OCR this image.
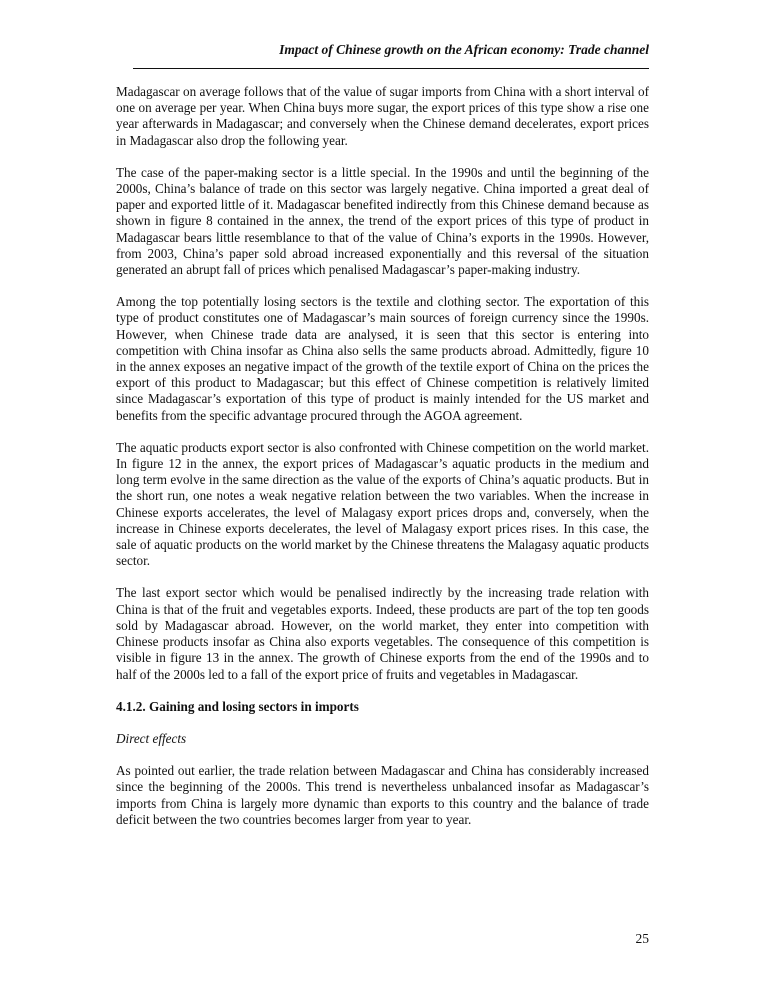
Impact of Chinese growth on the African economy: Trade channel

Madagascar on average follows that of the value of sugar imports from China with a short interval of one on average per year. When China buys more sugar, the export prices of this type show a rise one year afterwards in Madagascar; and conversely when the Chinese demand decelerates, export prices in Madagascar also drop the following year.

The case of the paper-making sector is a little special. In the 1990s and until the beginning of the 2000s, China’s balance of trade on this sector was largely negative. China imported a great deal of paper and exported little of it. Madagascar benefited indirectly from this Chinese demand because as shown in figure 8 contained in the annex, the trend of the export prices of this type of product in Madagascar bears little resemblance to that of the value of China’s exports in the 1990s. However, from 2003, China’s paper sold abroad increased exponentially and this reversal of the situation generated an abrupt fall of prices which penalised Madagascar’s paper-making industry.

Among the top potentially losing sectors is the textile and clothing sector. The exportation of this type of product constitutes one of Madagascar’s main sources of foreign currency since the 1990s. However, when Chinese trade data are analysed, it is seen that this sector is entering into competition with China insofar as China also sells the same products abroad. Admittedly, figure 10 in the annex exposes an negative impact of the growth of the textile export of China on the prices the export of this product to Madagascar; but this effect of Chinese competition is relatively limited since Madagascar’s exportation of this type of product is mainly intended for the US market and benefits from the specific advantage procured through the AGOA agreement.

The aquatic products export sector is also confronted with Chinese competition on the world market. In figure 12 in the annex, the export prices of Madagascar’s aquatic products in the medium and long term evolve in the same direction as the value of the exports of China’s aquatic products. But in the short run, one notes a weak negative relation between the two variables. When the increase in Chinese exports accelerates, the level of Malagasy export prices drops and, conversely, when the increase in Chinese exports decelerates, the level of Malagasy export prices rises. In this case, the sale of aquatic products on the world market by the Chinese threatens the Malagasy aquatic products sector.

The last export sector which would be penalised indirectly by the increasing trade relation with China is that of the fruit and vegetables exports. Indeed, these products are part of the top ten goods sold by Madagascar abroad. However, on the world market, they enter into competition with Chinese products insofar as China also exports vegetables. The consequence of this competition is visible in figure 13 in the annex. The growth of Chinese exports from the end of the 1990s and to half of the 2000s led to a fall of the export price of fruits and vegetables in Madagascar.

4.1.2. Gaining and losing sectors in imports

Direct effects

As pointed out earlier, the trade relation between Madagascar and China has considerably increased since the beginning of the 2000s. This trend is nevertheless unbalanced insofar as Madagascar’s imports from China is largely more dynamic than exports to this country and the balance of trade deficit between the two countries becomes larger from year to year.

25
